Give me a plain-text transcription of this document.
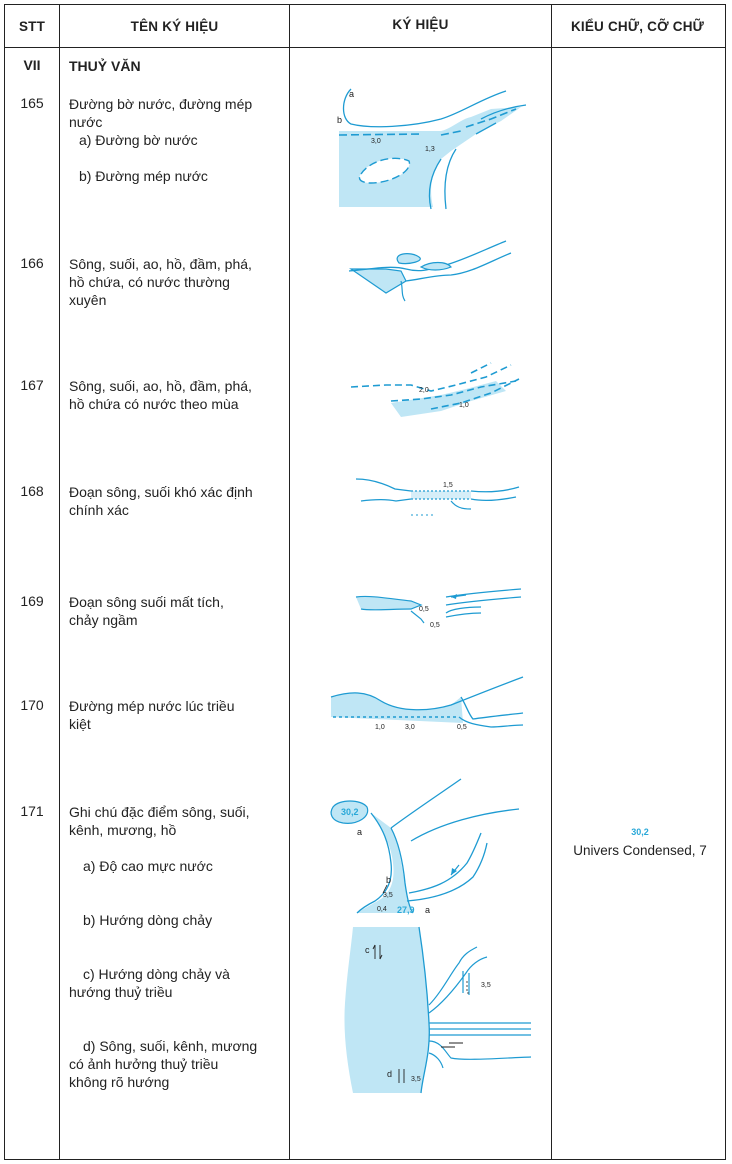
STT	TÊN KÝ HIỆU	KÝ HIỆU	KIỂU CHỮ, CỠ CHỮ
VII	THUỶ VĂN
165	Đường bờ nước, đường mép
nước
a) Đường bờ nước
b) Đường mép nước
a
b
3,0
1,3
166	Sông, suối, ao, hồ, đầm, phá,
hồ chứa, có nước thường
xuyên
167	Sông, suối, ao, hồ, đầm, phá,
hồ chứa có nước theo mùa
2,0
1,0
168	Đoạn sông, suối khó xác định
chính xác
1,5
169	Đoạn sông suối mất tích,
chảy ngầm
0,5
0,5
170	Đường mép nước lúc triều
kiệt	1,0	3,0	0,5
171	Ghi chú đặc điểm sông, suối,
kênh, mương, hồ
a) Độ cao mực nước
b) Hướng dòng chảy
c) Hướng dòng chảy và
hướng thuỷ triều
d) Sông, suối, kênh, mương
có ảnh hưởng thuỷ triều
không rõ hướng
30,2
a
b
3,5
0,4 27,9 a
c
3,5
d
3,5
30,2
Univers Condensed, 7
